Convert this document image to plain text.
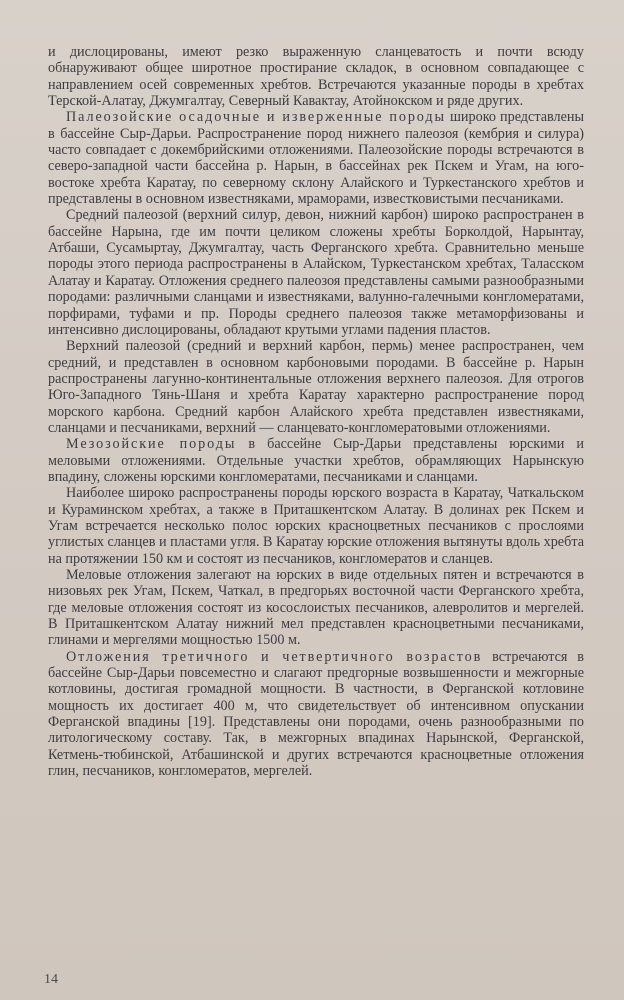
и дислоцированы, имеют резко выраженную сланцеватость и почти всюду обнаруживают общее широтное простирание складок, в основном совпадающее с направлением осей современных хребтов. Встречаются указанные породы в хребтах Терской-Алатау, Джумгалтау, Северный Кавактау, Атойнокском и ряде других.

Палеозойские осадочные и изверженные породы широко представлены в бассейне Сыр-Дарьи. Распространение пород нижнего палеозоя (кембрия и силура) часто совпадает с докембрийскими отложениями. Палеозойские породы встречаются в северо-западной части бассейна р. Нарын, в бассейнах рек Пскем и Угам, на юго-востоке хребта Каратау, по северному склону Алайского и Туркестанского хребтов и представлены в основном известняками, мраморами, известковистыми песчаниками.

Средний палеозой (верхний силур, девон, нижний карбон) широко распространен в бассейне Нарына, где им почти целиком сложены хребты Борколдой, Нарынтау, Атбаши, Сусамыртау, Джумгалтау, часть Ферганского хребта. Сравнительно меньше породы этого периода распространены в Алайском, Туркестанском хребтах, Таласском Алатау и Каратау. Отложения среднего палеозоя представлены самыми разнообразными породами: различными сланцами и известняками, валунно-галечными конгломератами, порфирами, туфами и пр. Породы среднего палеозоя также метаморфизованы и интенсивно дислоцированы, обладают крутыми углами падения пластов.

Верхний палеозой (средний и верхний карбон, пермь) менее распространен, чем средний, и представлен в основном карбоновыми породами. В бассейне р. Нарын распространены лагунно-континентальные отложения верхнего палеозоя. Для отрогов Юго-Западного Тянь-Шаня и хребта Каратау характерно распространение пород морского карбона. Средний карбон Алайского хребта представлен известняками, сланцами и песчаниками, верхний — сланцевато-конгломератовыми отложениями.

Мезозойские породы в бассейне Сыр-Дарьи представлены юрскими и меловыми отложениями. Отдельные участки хребтов, обрамляющих Нарынскую впадину, сложены юрскими конгломератами, песчаниками и сланцами.

Наиболее широко распространены породы юрского возраста в Каратау, Чаткальском и Кураминском хребтах, а также в Приташкентском Алатау. В долинах рек Пскем и Угам встречается несколько полос юрских красноцветных песчаников с прослоями углистых сланцев и пластами угля. В Каратау юрские отложения вытянуты вдоль хребта на протяжении 150 км и состоят из песчаников, конгломератов и сланцев.

Меловые отложения залегают на юрских в виде отдельных пятен и встречаются в низовьях рек Угам, Пскем, Чаткал, в предгорьях восточной части Ферганского хребта, где меловые отложения состоят из косослоистых песчаников, алевролитов и мергелей. В Приташкентском Алатау нижний мел представлен красноцветными песчаниками, глинами и мергелями мощностью 1500 м.

Отложения третичного и четвертичного возрастов встречаются в бассейне Сыр-Дарьи повсеместно и слагают предгорные возвышенности и межгорные котловины, достигая громадной мощности. В частности, в Ферганской котловине мощность их достигает 400 м, что свидетельствует об интенсивном опускании Ферганской впадины [19]. Представлены они породами, очень разнообразными по литологическому составу. Так, в межгорных впадинах Нарынской, Ферганской, Кетмень-тюбинской, Атбашинской и других встречаются красноцветные отложения глин, песчаников, конгломератов, мергелей.

14
